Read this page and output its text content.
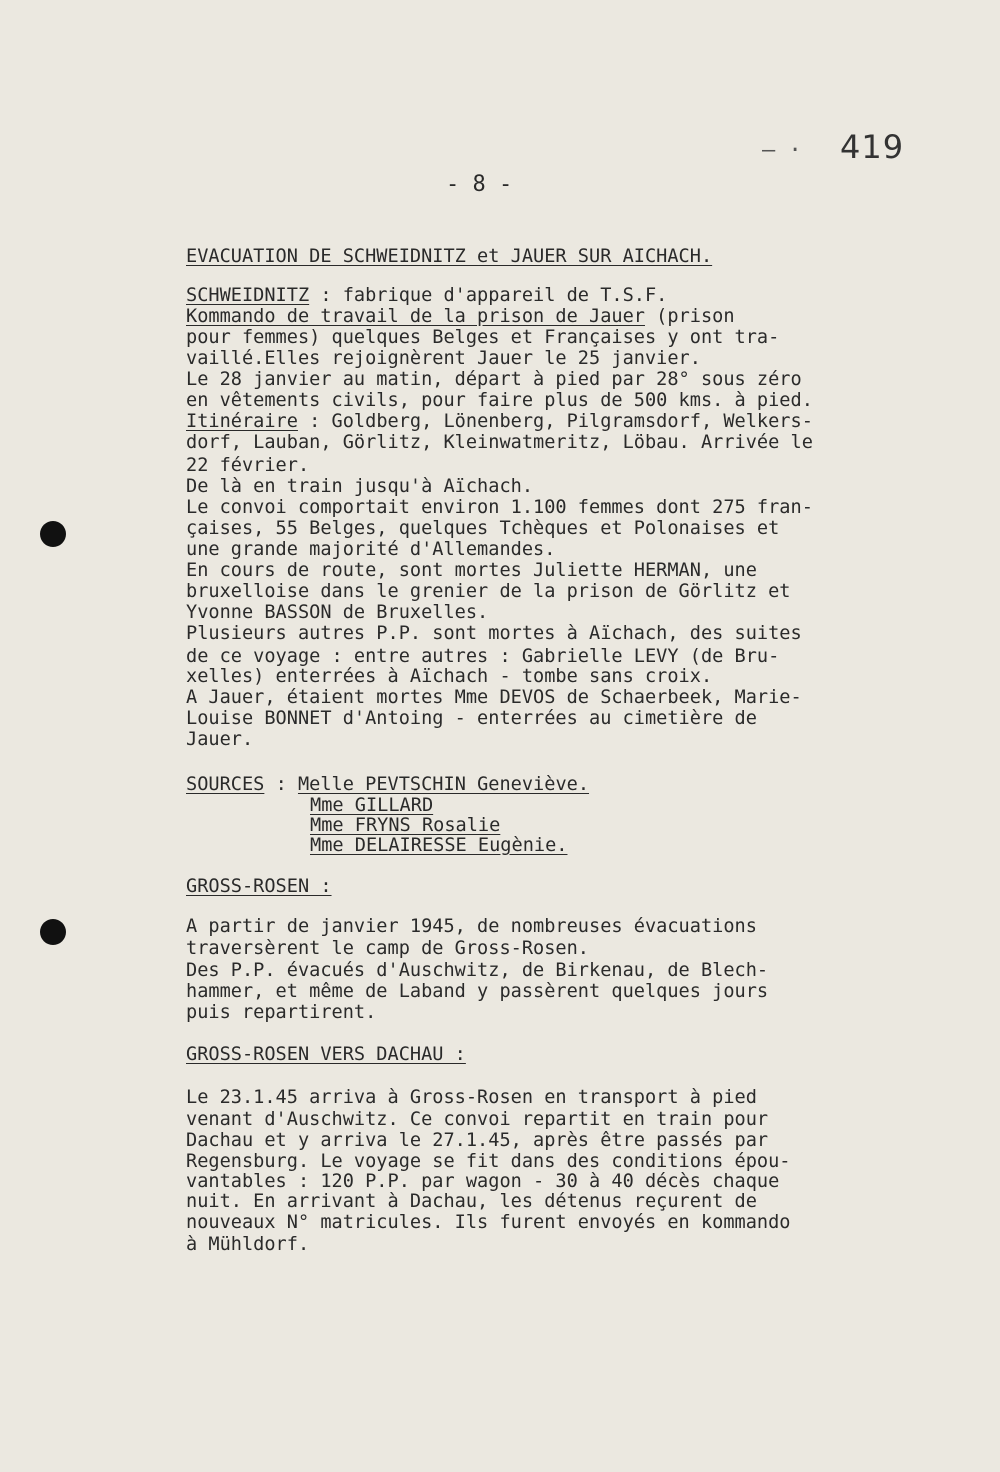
– · 419
- 8 -
EVACUATION DE SCHWEIDNITZ et JAUER SUR AICHACH.
SCHWEIDNITZ : fabrique d'appareil de T.S.F.
Kommando de travail de la prison de Jauer (prison
pour femmes) quelques Belges et Françaises y ont tra-
vaillé.Elles rejoignèrent Jauer le 25 janvier.
Le 28 janvier au matin, départ à pied par 28° sous zéro
en vêtements civils, pour faire plus de 500 kms. à pied.
Itinéraire : Goldberg, Lönenberg, Pilgramsdorf, Welkers-
dorf, Lauban, Görlitz, Kleinwatmeritz, Löbau. Arrivée le
22 février.
De là en train jusqu'à Aïchach.
Le convoi comportait environ 1.100 femmes dont 275 fran-
çaises, 55 Belges, quelques Tchèques et Polonaises et
une grande majorité d'Allemandes.
En cours de route, sont mortes Juliette HERMAN, une
bruxelloise dans le grenier de la prison de Görlitz et
Yvonne BASSON de Bruxelles.
Plusieurs autres P.P. sont mortes à Aïchach, des suites
de ce voyage : entre autres : Gabrielle LEVY (de Bru-
xelles) enterrées à Aïchach - tombe sans croix.
A Jauer, étaient mortes Mme DEVOS de Schaerbeek, Marie-
Louise BONNET d'Antoing - enterrées au cimetière de
Jauer.
SOURCES : Melle PEVTSCHIN Geneviève.
Mme GILLARD
Mme FRYNS Rosalie
Mme DELAIRESSE Eugènie.
GROSS-ROSEN :
A partir de janvier 1945, de nombreuses évacuations
traversèrent le camp de Gross-Rosen.
Des P.P. évacués d'Auschwitz, de Birkenau, de Blech-
hammer, et même de Laband y passèrent quelques jours
puis repartirent.
GROSS-ROSEN VERS DACHAU :
Le 23.1.45 arriva à Gross-Rosen en transport à pied
venant d'Auschwitz. Ce convoi repartit en train pour
Dachau et y arriva le 27.1.45, après être passés par
Regensburg. Le voyage se fit dans des conditions épou-
vantables : 120 P.P. par wagon - 30 à 40 décès chaque
nuit. En arrivant à Dachau, les détenus reçurent de
nouveaux N° matricules. Ils furent envoyés en kommando
à Mühldorf.
